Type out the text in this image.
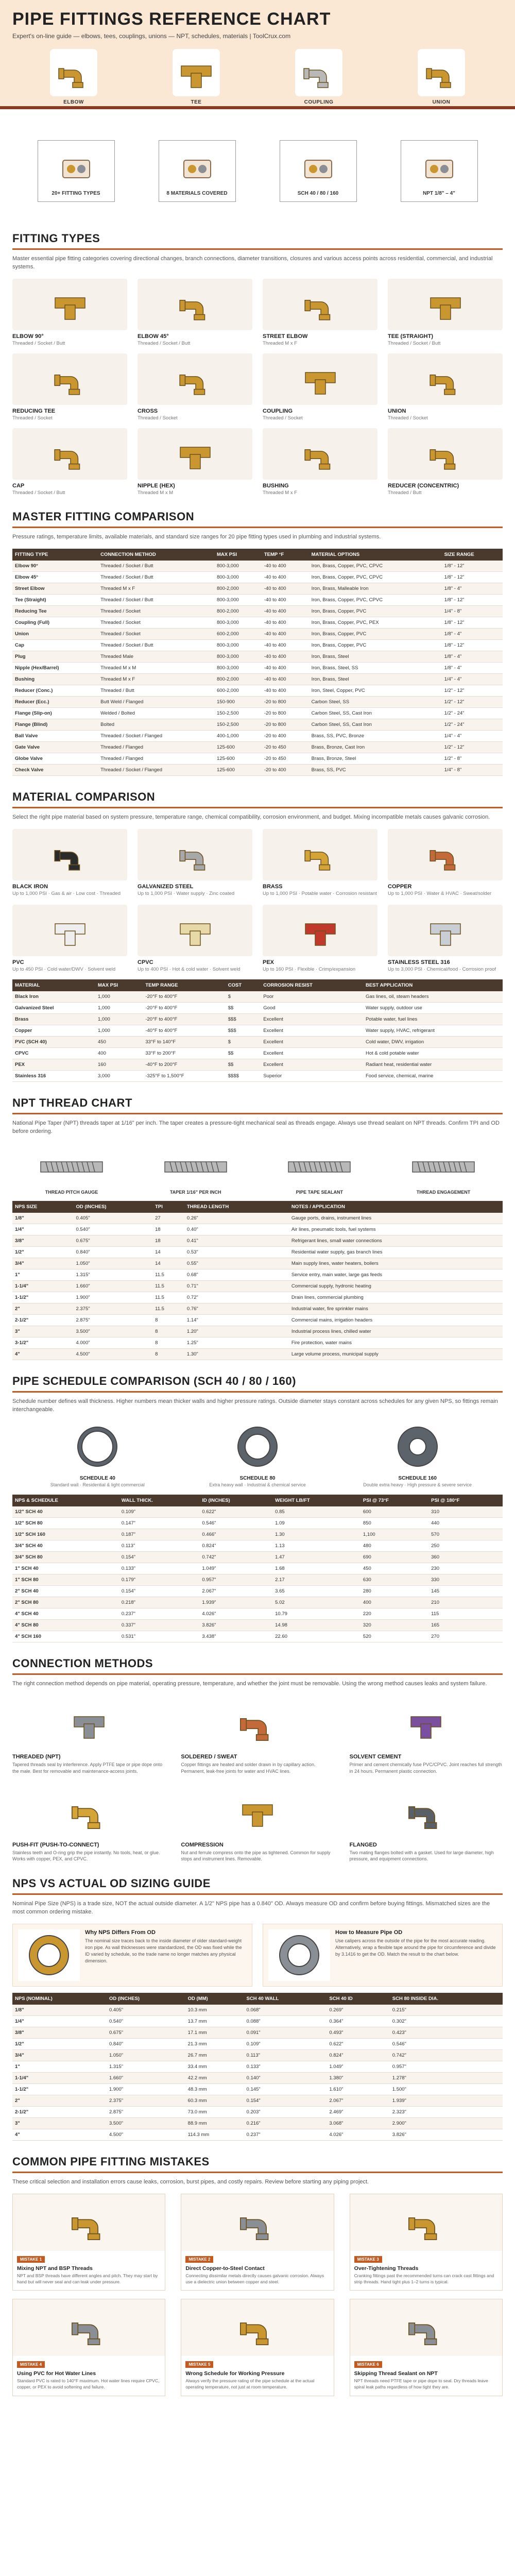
PIPE FITTINGS REFERENCE CHART
Expert's on-line guide — elbows, tees, couplings, unions — NPT, schedules, materials | ToolCrux.com
ELBOW	TEE	COUPLING	UNION
20+ FITTING TYPES	8 MATERIALS COVERED	SCH 40 / 80 / 160	NPT 1/8" – 4"
FITTING TYPES
Master essential pipe fitting categories covering directional changes, branch connections, diameter transitions, closures and various access points across residential, commercial, and industrial systems.
ELBOW 90°
Threaded / Socket / Butt
ELBOW 45°
Threaded / Socket / Butt
STREET ELBOW
Threaded M x F
TEE (STRAIGHT)
Threaded / Socket / Butt
REDUCING TEE
Threaded / Socket
CROSS
Threaded / Socket
COUPLING
Threaded / Socket
UNION
Threaded / Socket
CAP
Threaded / Socket / Butt
NIPPLE (HEX)
Threaded M x M
BUSHING
Threaded M x F
REDUCER (CONCENTRIC)
Threaded / Butt
MASTER FITTING COMPARISON
Pressure ratings, temperature limits, available materials, and standard size ranges for 20 pipe fitting types used in plumbing and industrial systems.
FITTING TYPE	CONNECTION METHOD	MAX PSI	TEMP °F	MATERIAL OPTIONS	SIZE RANGE
Elbow 90°	Threaded / Socket / Butt	800-3,000	-40 to 400	Iron, Brass, Copper, PVC, CPVC	1/8" - 12"
Elbow 45°	Threaded / Socket / Butt	800-3,000	-40 to 400	Iron, Brass, Copper, PVC, CPVC	1/8" - 12"
Street Elbow	Threaded M x F	800-2,000	-40 to 400	Iron, Brass, Malleable Iron	1/8" - 4"
Tee (Straight)	Threaded / Socket / Butt	800-3,000	-40 to 400	Iron, Brass, Copper, PVC, CPVC	1/8" - 12"
Reducing Tee	Threaded / Socket	800-2,000	-40 to 400	Iron, Brass, Copper, PVC	1/4" - 8"
Coupling (Full)	Threaded / Socket	800-3,000	-40 to 400	Iron, Brass, Copper, PVC, PEX	1/8" - 12"
Union	Threaded / Socket	600-2,000	-40 to 400	Iron, Brass, Copper, PVC	1/8" - 4"
Cap	Threaded / Socket / Butt	800-3,000	-40 to 400	Iron, Brass, Copper, PVC	1/8" - 12"
Plug	Threaded Male	800-3,000	-40 to 400	Iron, Brass, Steel	1/8" - 4"
Nipple (Hex/Barrel)	Threaded M x M	800-3,000	-40 to 400	Iron, Brass, Steel, SS	1/8" - 4"
Bushing	Threaded M x F	800-2,000	-40 to 400	Iron, Brass, Steel	1/4" - 4"
Reducer (Conc.)	Threaded / Butt	600-2,000	-40 to 400	Iron, Steel, Copper, PVC	1/2" - 12"
Reducer (Ecc.)	Butt Weld / Flanged	150-900	-20 to 800	Carbon Steel, SS	1/2" - 12"
Flange (Slip-on)	Welded / Bolted	150-2,500	-20 to 800	Carbon Steel, SS, Cast Iron	1/2" - 24"
Flange (Blind)	Bolted	150-2,500	-20 to 800	Carbon Steel, SS, Cast Iron	1/2" - 24"
Ball Valve	Threaded / Socket / Flanged	400-1,000	-20 to 400	Brass, SS, PVC, Bronze	1/4" - 4"
Gate Valve	Threaded / Flanged	125-600	-20 to 450	Brass, Bronze, Cast Iron	1/2" - 12"
Globe Valve	Threaded / Flanged	125-600	-20 to 450	Brass, Bronze, Steel	1/2" - 8"
Check Valve	Threaded / Socket / Flanged	125-600	-20 to 400	Brass, SS, PVC	1/4" - 8"
MATERIAL COMPARISON
Select the right pipe material based on system pressure, temperature range, chemical compatibility, corrosion environment, and budget. Mixing incompatible metals causes galvanic corrosion.
BLACK IRON
Up to 1,000 PSI · Gas & air · Low cost · Threaded
GALVANIZED STEEL
Up to 1,000 PSI · Water supply · Zinc coated
BRASS
Up to 1,000 PSI · Potable water · Corrosion resistant
COPPER
Up to 1,000 PSI · Water & HVAC · Sweat/solder
PVC
Up to 450 PSI · Cold water/DWV · Solvent weld
CPVC
Up to 400 PSI · Hot & cold water · Solvent weld
PEX
Up to 160 PSI · Flexible · Crimp/expansion
STAINLESS STEEL 316
Up to 3,000 PSI · Chemical/food · Corrosion proof
MATERIAL	MAX PSI	TEMP RANGE	COST	CORROSION RESIST	BEST APPLICATION
Black Iron	1,000	-20°F to 400°F	$	Poor	Gas lines, oil, steam headers
Galvanized Steel	1,000	-20°F to 400°F	$$	Good	Water supply, outdoor use
Brass	1,000	-20°F to 400°F	$$$	Excellent	Potable water, fuel lines
Copper	1,000	-40°F to 400°F	$$$	Excellent	Water supply, HVAC, refrigerant
PVC (SCH 40)	450	33°F to 140°F	$	Excellent	Cold water, DWV, irrigation
CPVC	400	33°F to 200°F	$$	Excellent	Hot & cold potable water
PEX	160	-40°F to 200°F	$$	Excellent	Radiant heat, residential water
Stainless 316	3,000	-325°F to 1,500°F	$$$$	Superior	Food service, chemical, marine
NPT THREAD CHART
National Pipe Taper (NPT) threads taper at 1/16" per inch. The taper creates a pressure-tight mechanical seal as threads engage. Always use thread sealant on NPT threads. Confirm TPI and OD before ordering.
THREAD PITCH GAUGE	TAPER 1/16" PER INCH	PIPE TAPE SEALANT	THREAD ENGAGEMENT
NPS SIZE	OD (INCHES)	TPI	THREAD LENGTH	NOTES / APPLICATION
1/8"	0.405"	27	0.26"	Gauge ports, drains, instrument lines
1/4"	0.540"	18	0.40"	Air lines, pneumatic tools, fuel systems
3/8"	0.675"	18	0.41"	Refrigerant lines, small water connections
1/2"	0.840"	14	0.53"	Residential water supply, gas branch lines
3/4"	1.050"	14	0.55"	Main supply lines, water heaters, boilers
1"	1.315"	11.5	0.68"	Service entry, main water, large gas feeds
1-1/4"	1.660"	11.5	0.71"	Commercial supply, hydronic heating
1-1/2"	1.900"	11.5	0.72"	Drain lines, commercial plumbing
2"	2.375"	11.5	0.76"	Industrial water, fire sprinkler mains
2-1/2"	2.875"	8	1.14"	Commercial mains, irrigation headers
3"	3.500"	8	1.20"	Industrial process lines, chilled water
3-1/2"	4.000"	8	1.25"	Fire protection, water mains
4"	4.500"	8	1.30"	Large volume process, municipal supply
PIPE SCHEDULE COMPARISON (SCH 40 / 80 / 160)
Schedule number defines wall thickness. Higher numbers mean thicker walls and higher pressure ratings. Outside diameter stays constant across schedules for any given NPS, so fittings remain interchangeable.
SCHEDULE 40
Standard wall · Residential & light commercial
SCHEDULE 80
Extra heavy wall · Industrial & chemical service
SCHEDULE 160
Double extra heavy · High pressure & severe service
NPS & SCHEDULE	WALL THICK.	ID (INCHES)	WEIGHT LB/FT	PSI @ 73°F	PSI @ 180°F
1/2" SCH 40	0.109"	0.622"	0.85	600	310
1/2" SCH 80	0.147"	0.546"	1.09	850	440
1/2" SCH 160	0.187"	0.466"	1.30	1,100	570
3/4" SCH 40	0.113"	0.824"	1.13	480	250
3/4" SCH 80	0.154"	0.742"	1.47	690	360
1" SCH 40	0.133"	1.049"	1.68	450	230
1" SCH 80	0.179"	0.957"	2.17	630	330
2" SCH 40	0.154"	2.067"	3.65	280	145
2" SCH 80	0.218"	1.939"	5.02	400	210
4" SCH 40	0.237"	4.026"	10.79	220	115
4" SCH 80	0.337"	3.826"	14.98	320	165
4" SCH 160	0.531"	3.438"	22.60	520	270
CONNECTION METHODS
The right connection method depends on pipe material, operating pressure, temperature, and whether the joint must be removable. Using the wrong method causes leaks and system failure.
THREADED (NPT)
Tapered threads seal by interference. Apply PTFE tape or pipe dope onto the male. Best for removable and maintenance-access joints.
SOLDERED / SWEAT
Copper fittings are heated and solder drawn in by capillary action. Permanent, leak-free joints for water and HVAC lines.
SOLVENT CEMENT
Primer and cement chemically fuse PVC/CPVC. Joint reaches full strength in 24 hours. Permanent plastic connection.
PUSH-FIT (PUSH-TO-CONNECT)
Stainless teeth and O-ring grip the pipe instantly. No tools, heat, or glue. Works with copper, PEX, and CPVC.
COMPRESSION
Nut and ferrule compress onto the pipe as tightened. Common for supply stops and instrument lines. Removable.
FLANGED
Two mating flanges bolted with a gasket. Used for large diameter, high pressure, and equipment connections.
NPS VS ACTUAL OD SIZING GUIDE
Nominal Pipe Size (NPS) is a trade size, NOT the actual outside diameter. A 1/2" NPS pipe has a 0.840" OD. Always measure OD and confirm before buying fittings. Mismatched sizes are the most common ordering mistake.
Why NPS Differs From OD

The nominal size traces back to the inside diameter of older standard-weight iron pipe. As wall thicknesses were standardized, the OD was fixed while the ID varied by schedule, so the trade name no longer matches any physical dimension.

How to Measure Pipe OD

Use calipers across the outside of the pipe for the most accurate reading. Alternatively, wrap a flexible tape around the pipe for circumference and divide by 3.1416 to get the OD. Match the result to the chart below.

NPS (NOMINAL)	OD (INCHES)	OD (MM)	SCH 40 WALL	SCH 40 ID	SCH 80 INSIDE DIA.
1/8"	0.405"	10.3 mm	0.068"	0.269"	0.215"
1/4"	0.540"	13.7 mm	0.088"	0.364"	0.302"
3/8"	0.675"	17.1 mm	0.091"	0.493"	0.423"
1/2"	0.840"	21.3 mm	0.109"	0.622"	0.546"
3/4"	1.050"	26.7 mm	0.113"	0.824"	0.742"
1"	1.315"	33.4 mm	0.133"	1.049"	0.957"
1-1/4"	1.660"	42.2 mm	0.140"	1.380"	1.278"
1-1/2"	1.900"	48.3 mm	0.145"	1.610"	1.500"
2"	2.375"	60.3 mm	0.154"	2.067"	1.939"
2-1/2"	2.875"	73.0 mm	0.203"	2.469"	2.323"
3"	3.500"	88.9 mm	0.216"	3.068"	2.900"
4"	4.500"	114.3 mm	0.237"	4.026"	3.826"
COMMON PIPE FITTING MISTAKES
These critical selection and installation errors cause leaks, corrosion, burst pipes, and costly repairs. Review before starting any piping project.
MISTAKE 1
Mixing NPT and BSP Threads
NPT and BSP threads have different angles and pitch. They may start by hand but will never seal and can leak under pressure.
MISTAKE 2
Direct Copper-to-Steel Contact
Connecting dissimilar metals directly causes galvanic corrosion. Always use a dielectric union between copper and steel.
MISTAKE 3
Over-Tightening Threads
Cranking fittings past the recommended turns can crack cast fittings and strip threads. Hand tight plus 1–2 turns is typical.
MISTAKE 4
Using PVC for Hot Water Lines
Standard PVC is rated to 140°F maximum. Hot water lines require CPVC, copper, or PEX to avoid softening and failure.
MISTAKE 5
Wrong Schedule for Working Pressure
Always verify the pressure rating of the pipe schedule at the actual operating temperature, not just at room temperature.
MISTAKE 6
Skipping Thread Sealant on NPT
NPT threads need PTFE tape or pipe dope to seal. Dry threads leave spiral leak paths regardless of how tight they are.
